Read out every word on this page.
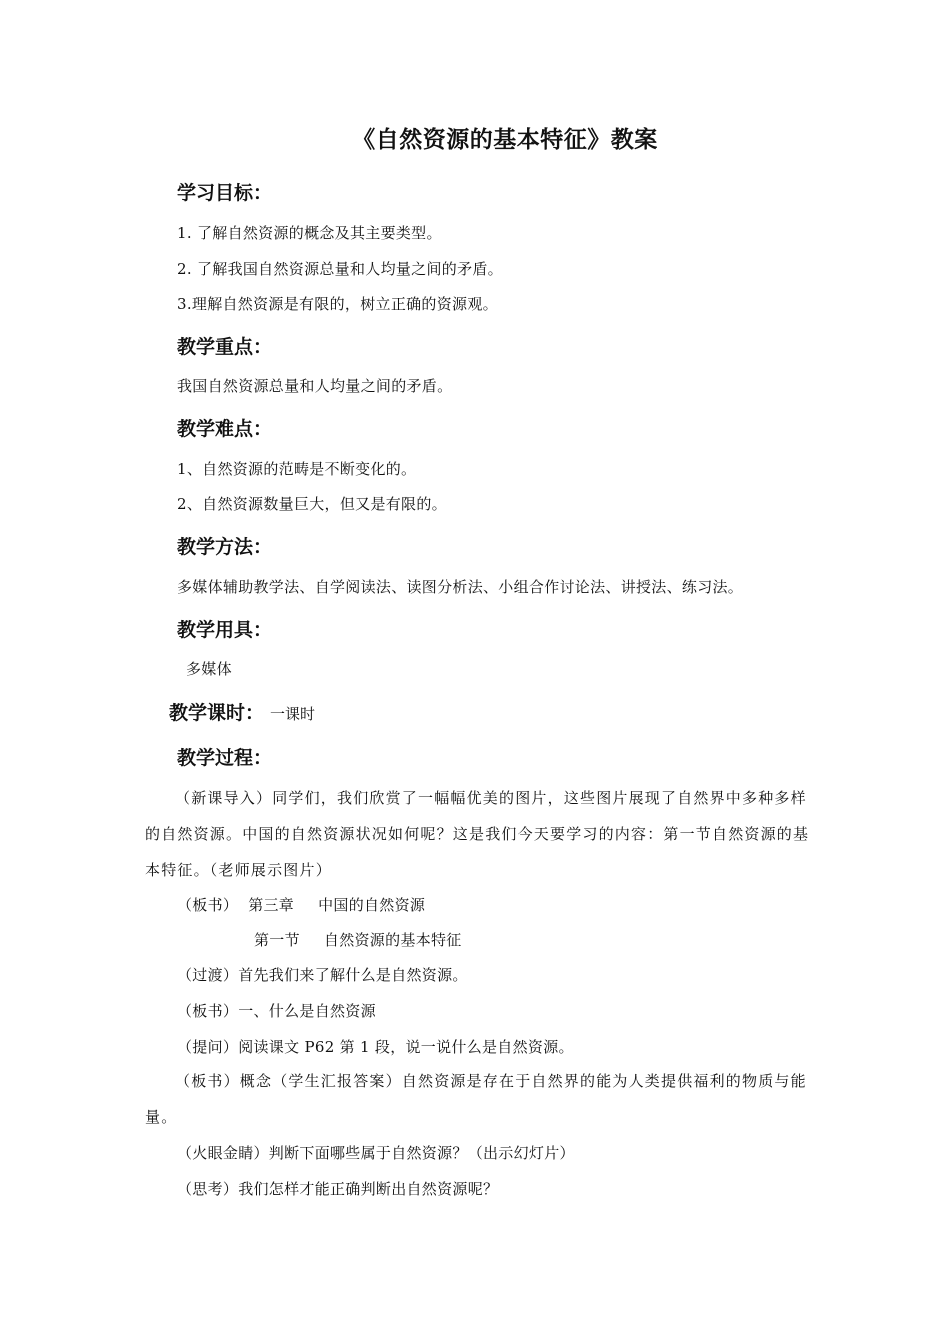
《自然资源的基本特征》教案
学习目标：
1. 了解自然资源的概念及其主要类型。
2. 了解我国自然资源总量和人均量之间的矛盾。
3.理解自然资源是有限的，树立正确的资源观。
教学重点：
我国自然资源总量和人均量之间的矛盾。
教学难点：
1、自然资源的范畴是不断变化的。
2、自然资源数量巨大，但又是有限的。
教学方法：
多媒体辅助教学法、自学阅读法、读图分析法、小组合作讨论法、讲授法、练习法。
教学用具：
多媒体
教学课时： 一课时
教学过程：

（新课导入）同学们，我们欣赏了一幅幅优美的图片，这些图片展现了自然界中多种多样的自然资源。中国的自然资源状况如何呢？这是我们今天要学习的内容：第一节自然资源的基本特征。（老师展示图片）

（板书） 第三章 中国的自然资源
第一节 自然资源的基本特征
（过渡）首先我们来了解什么是自然资源。
（板书）一、什么是自然资源
（提问）阅读课文 P62 第 1 段，说一说什么是自然资源。

（板书）概念（学生汇报答案）自然资源是存在于自然界的能为人类提供福利的物质与能量。

（火眼金睛）判断下面哪些属于自然资源？（出示幻灯片）
（思考）我们怎样才能正确判断出自然资源呢？
